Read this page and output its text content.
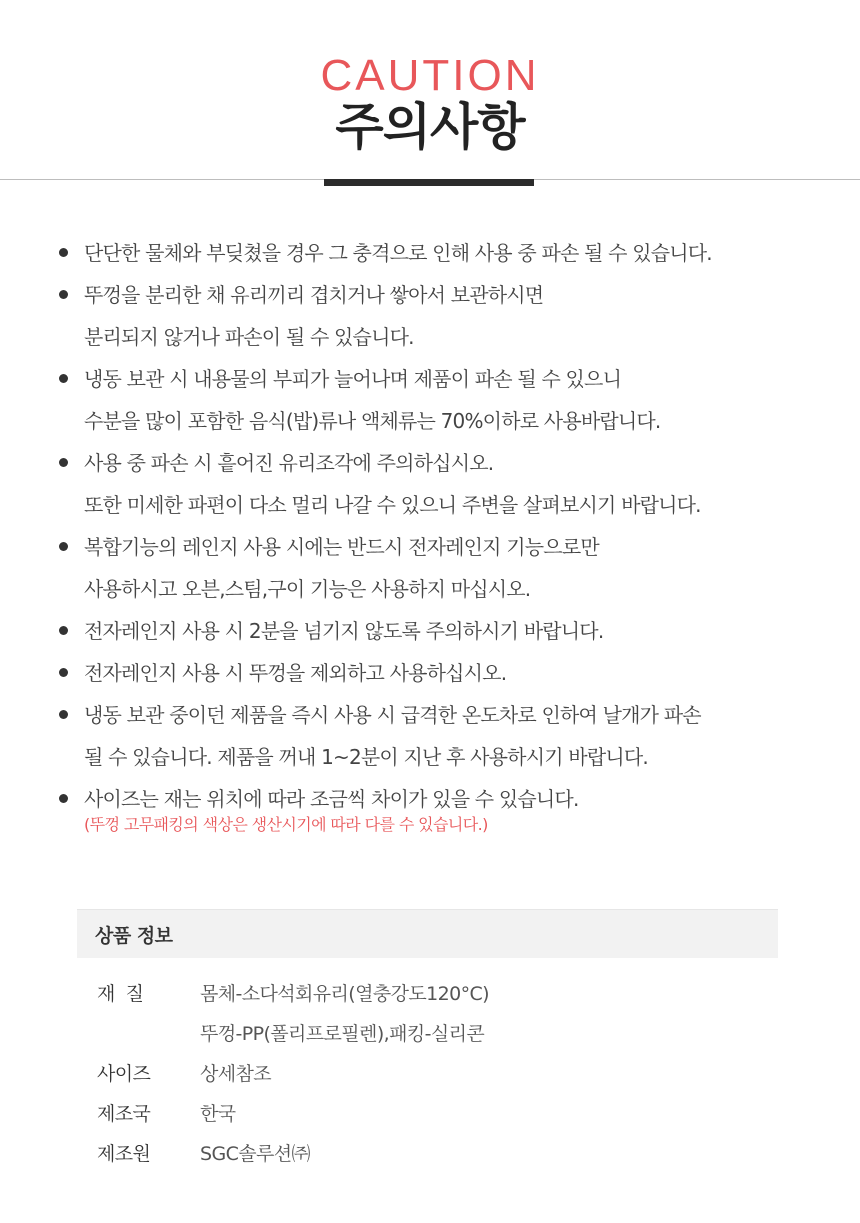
CAUTION
주의사항
단단한 물체와 부딪쳤을 경우 그 충격으로 인해 사용 중 파손 될 수 있습니다.
뚜껑을 분리한 채 유리끼리 겹치거나 쌓아서 보관하시면
분리되지 않거나 파손이 될 수 있습니다.
냉동 보관 시 내용물의 부피가 늘어나며 제품이 파손 될 수 있으니
수분을 많이 포함한 음식(밥)류나 액체류는 70%이하로 사용바랍니다.
사용 중 파손 시 흩어진 유리조각에 주의하십시오.
또한 미세한 파편이 다소 멀리 나갈 수 있으니 주변을 살펴보시기 바랍니다.
복합기능의 레인지 사용 시에는 반드시 전자레인지 기능으로만
사용하시고 오븐,스팀,구이 기능은 사용하지 마십시오.
전자레인지 사용 시 2분을 넘기지 않도록 주의하시기 바랍니다.
전자레인지 사용 시 뚜껑을 제외하고 사용하십시오.
냉동 보관 중이던 제품을 즉시 사용 시 급격한 온도차로 인하여 날개가 파손
될 수 있습니다. 제품을 꺼내 1~2분이 지난 후 사용하시기 바랍니다.
사이즈는 재는 위치에 따라 조금씩 차이가 있을 수 있습니다.
(뚜껑 고무패킹의 색상은 생산시기에 따라 다를 수 있습니다.)
상품 정보
재  질	몸체-소다석회유리(열충강도120°C)
뚜껑-PP(폴리프로필렌),패킹-실리콘
사이즈	상세참조
제조국	한국
제조원	SGC솔루션㈜
